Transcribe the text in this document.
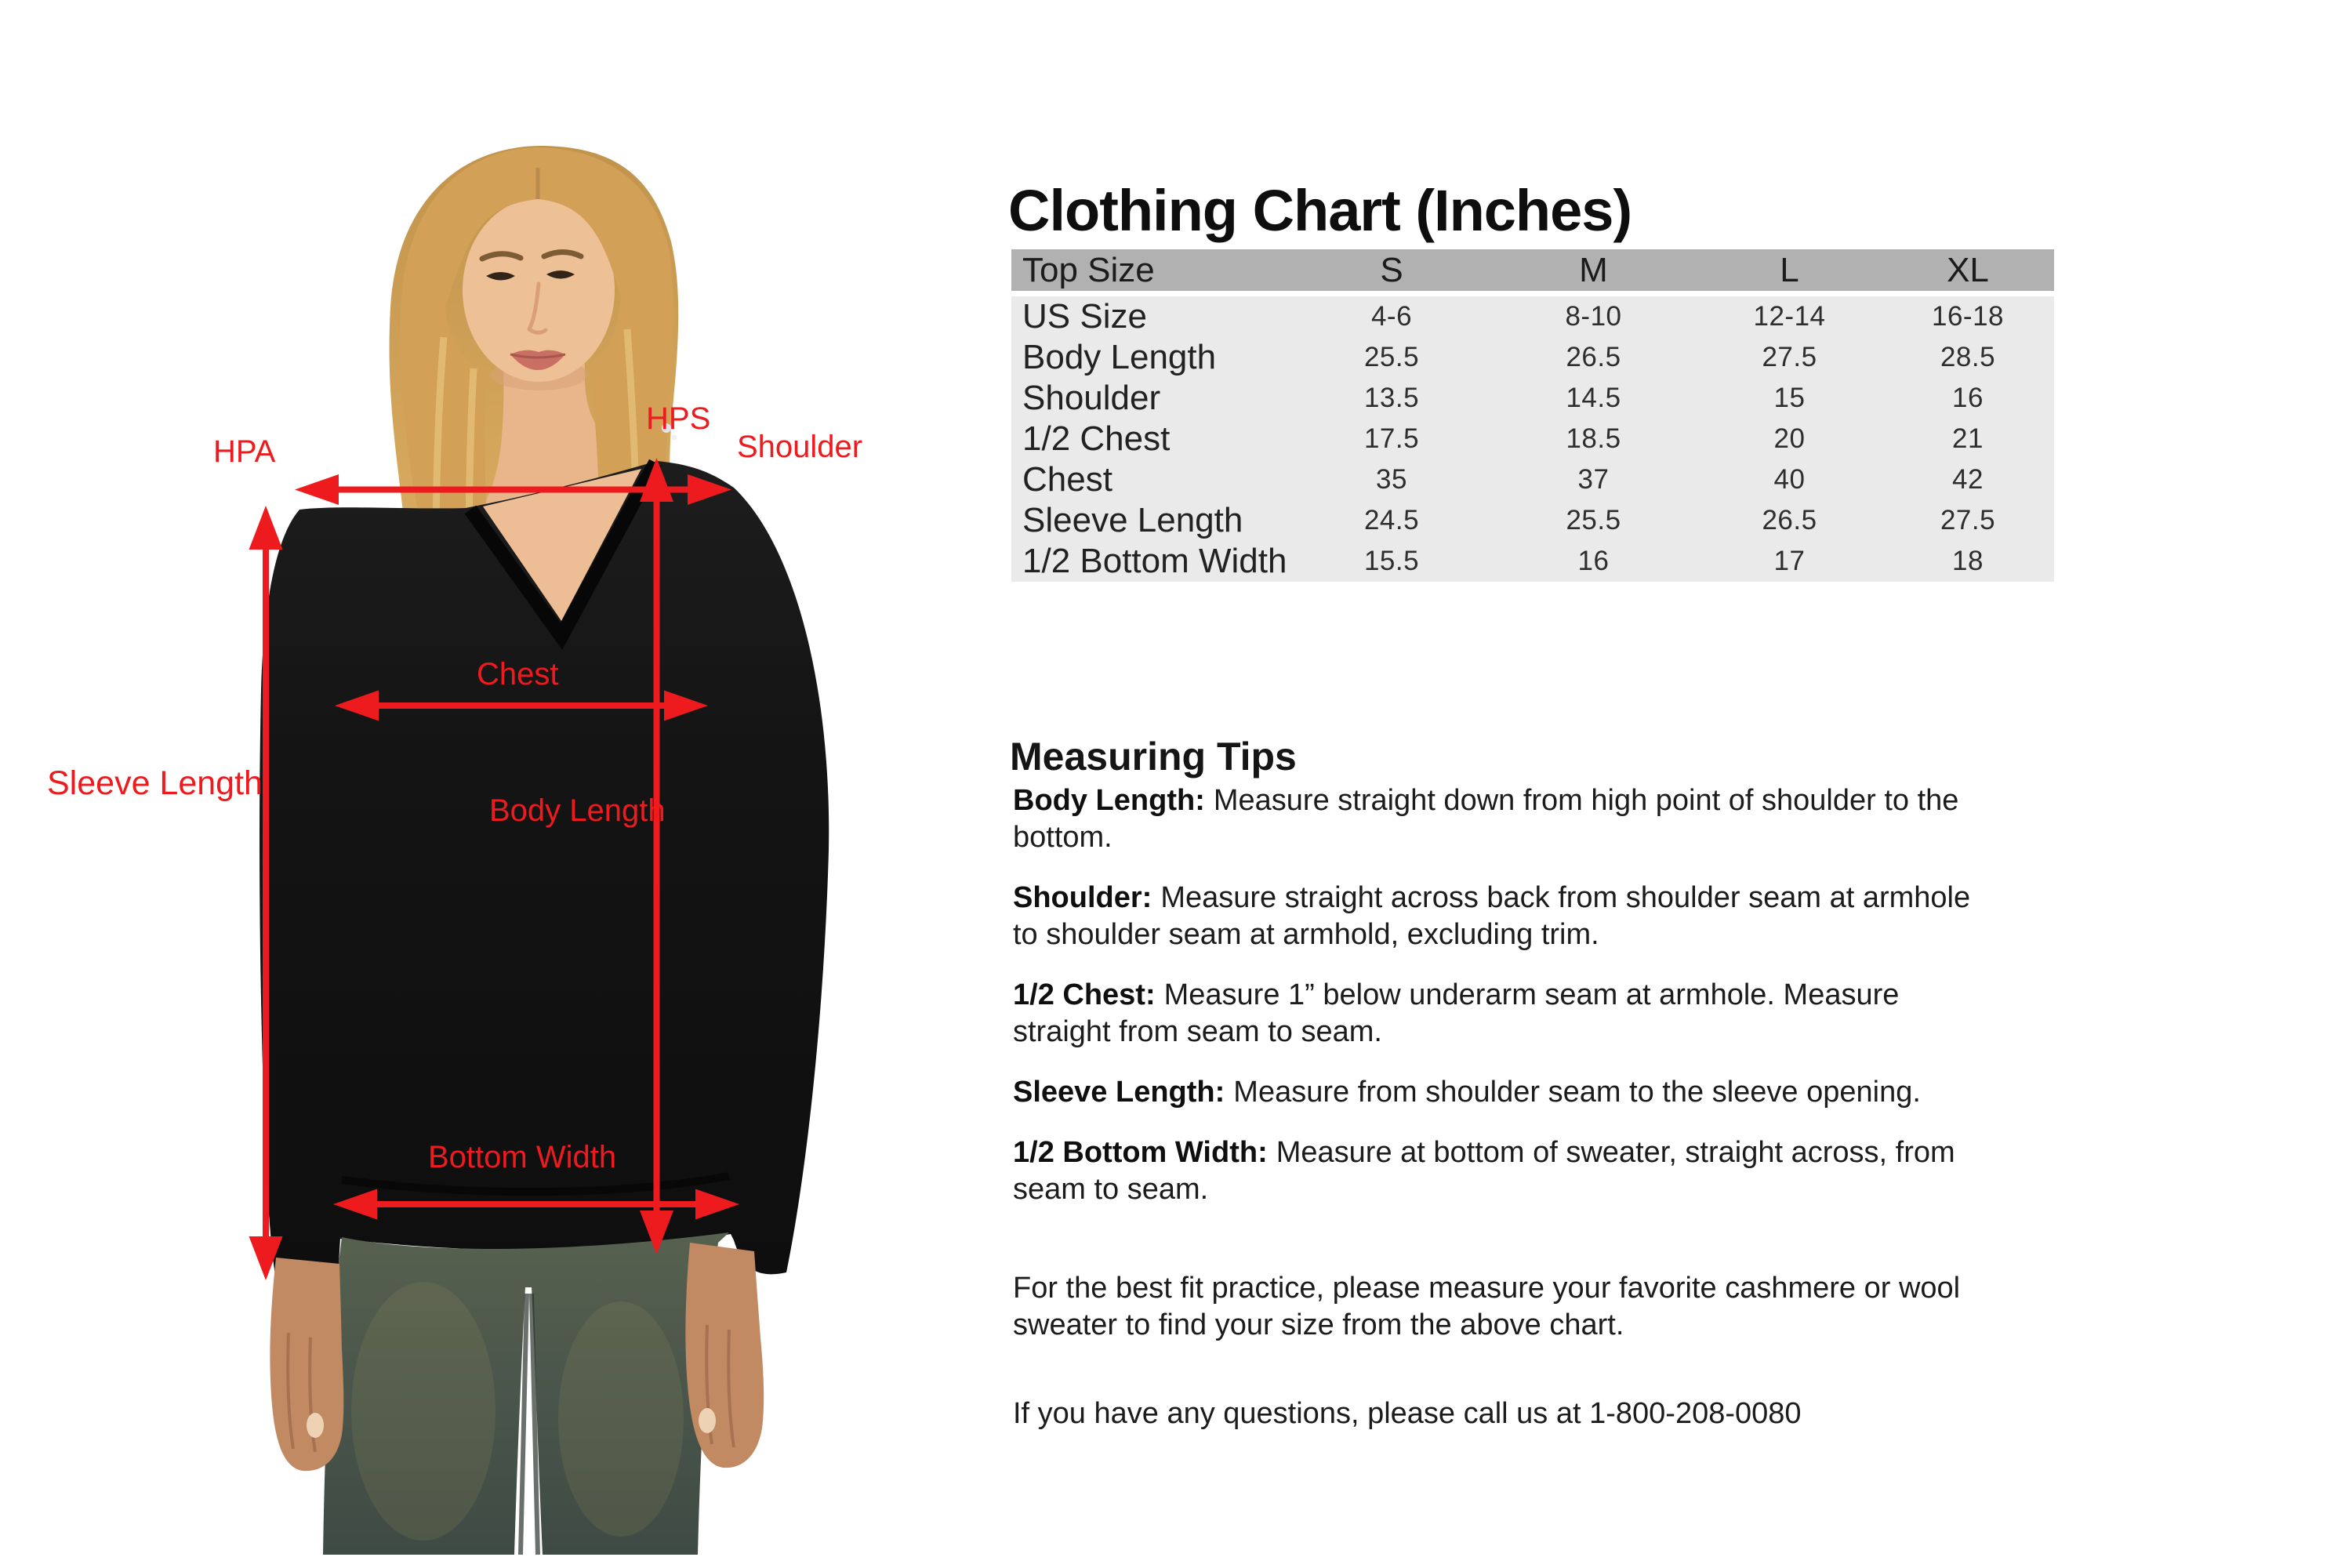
HPA
HPS
Shoulder
Chest
Body Length
Sleeve Length
Bottom Width
Clothing Chart (Inches)
Top Size	S	M	L	XL

US Size	4-6	8-10	12-14	16-18
Body Length	25.5	26.5	27.5	28.5
Shoulder	13.5	14.5	15	16
1/2 Chest	17.5	18.5	20	21
Chest	35	37	40	42
Sleeve Length	24.5	25.5	26.5	27.5
1/2 Bottom Width	15.5	16	17	18
Measuring Tips

Body Length: Measure straight down from high point of shoulder to the bottom.

Shoulder: Measure straight across back from shoulder seam at armhole to shoulder seam at armhold, excluding trim.

1/2 Chest: Measure 1” below underarm seam at armhole. Measure straight from seam to seam.

Sleeve Length: Measure from shoulder seam to the sleeve opening.

1/2 Bottom Width: Measure at bottom of sweater, straight across, from seam to seam.

For the best fit practice, please measure your favorite cashmere or wool sweater to find your size from the above chart.
If you have any questions, please call us at 1-800-208-0080
